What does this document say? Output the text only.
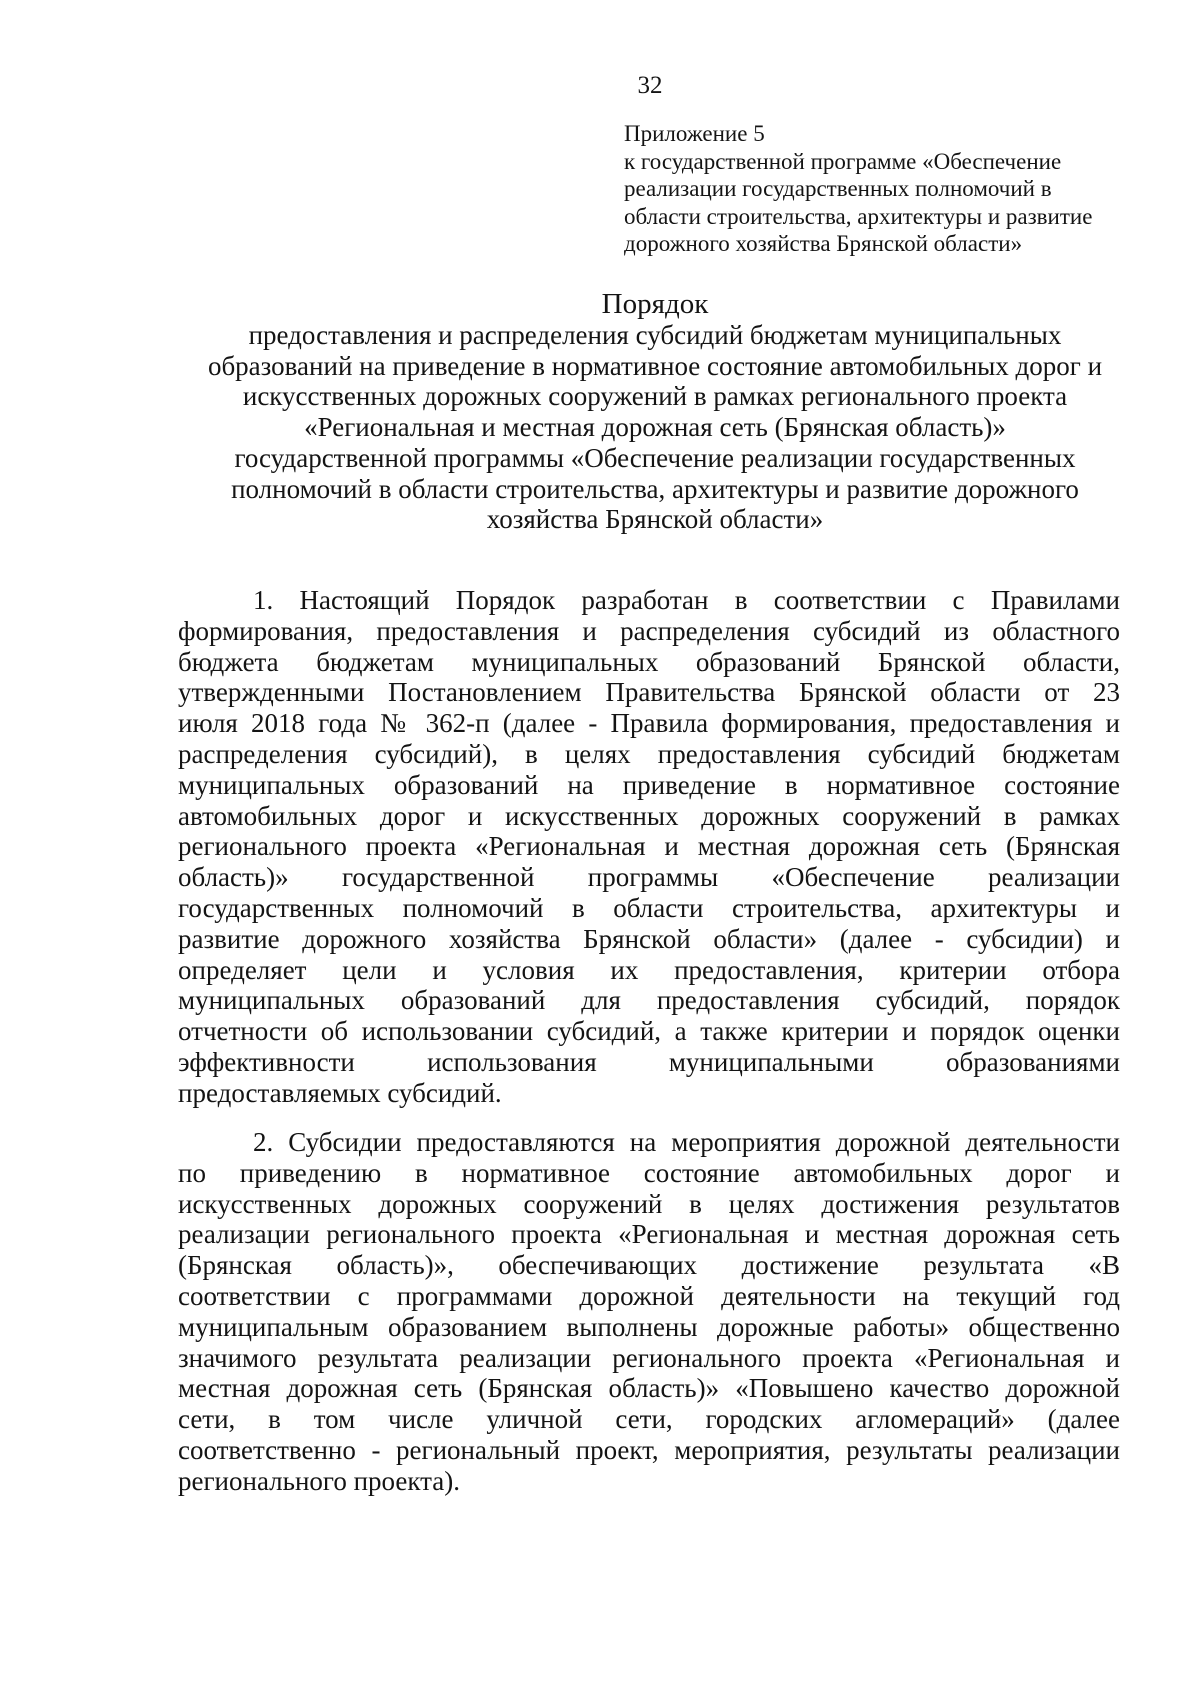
32
Приложение 5
к государственной программе «Обеспечение
реализации государственных полномочий в
области строительства, архитектуры и развитие
дорожного хозяйства Брянской области»
Порядок
предоставления и распределения субсидий бюджетам муниципальных
образований на приведение в нормативное состояние автомобильных дорог и
искусственных дорожных сооружений в рамках регионального проекта
«Региональная и местная дорожная сеть (Брянская область)»
государственной программы «Обеспечение реализации государственных
полномочий в области строительства, архитектуры и развитие дорожного
хозяйства Брянской области»
1. Настоящий Порядок разработан в соответствии с Правилами
формирования, предоставления и распределения субсидий из областного
бюджета бюджетам муниципальных образований Брянской области,
утвержденными Постановлением Правительства Брянской области от 23
июля 2018 года № 362-п (далее - Правила формирования, предоставления и
распределения субсидий), в целях предоставления субсидий бюджетам
муниципальных образований на приведение в нормативное состояние
автомобильных дорог и искусственных дорожных сооружений в рамках
регионального проекта «Региональная и местная дорожная сеть (Брянская
область)» государственной программы «Обеспечение реализации
государственных полномочий в области строительства, архитектуры и
развитие дорожного хозяйства Брянской области» (далее - субсидии) и
определяет цели и условия их предоставления, критерии отбора
муниципальных образований для предоставления субсидий, порядок
отчетности об использовании субсидий, а также критерии и порядок оценки
эффективности использования муниципальными образованиями
предоставляемых субсидий.
2. Субсидии предоставляются на мероприятия дорожной деятельности
по приведению в нормативное состояние автомобильных дорог и
искусственных дорожных сооружений в целях достижения результатов
реализации регионального проекта «Региональная и местная дорожная сеть
(Брянская область)», обеспечивающих достижение результата «В
соответствии с программами дорожной деятельности на текущий год
муниципальным образованием выполнены дорожные работы» общественно
значимого результата реализации регионального проекта «Региональная и
местная дорожная сеть (Брянская область)» «Повышено качество дорожной
сети, в том числе уличной сети, городских агломераций» (далее
соответственно - региональный проект, мероприятия, результаты реализации
регионального проекта).
